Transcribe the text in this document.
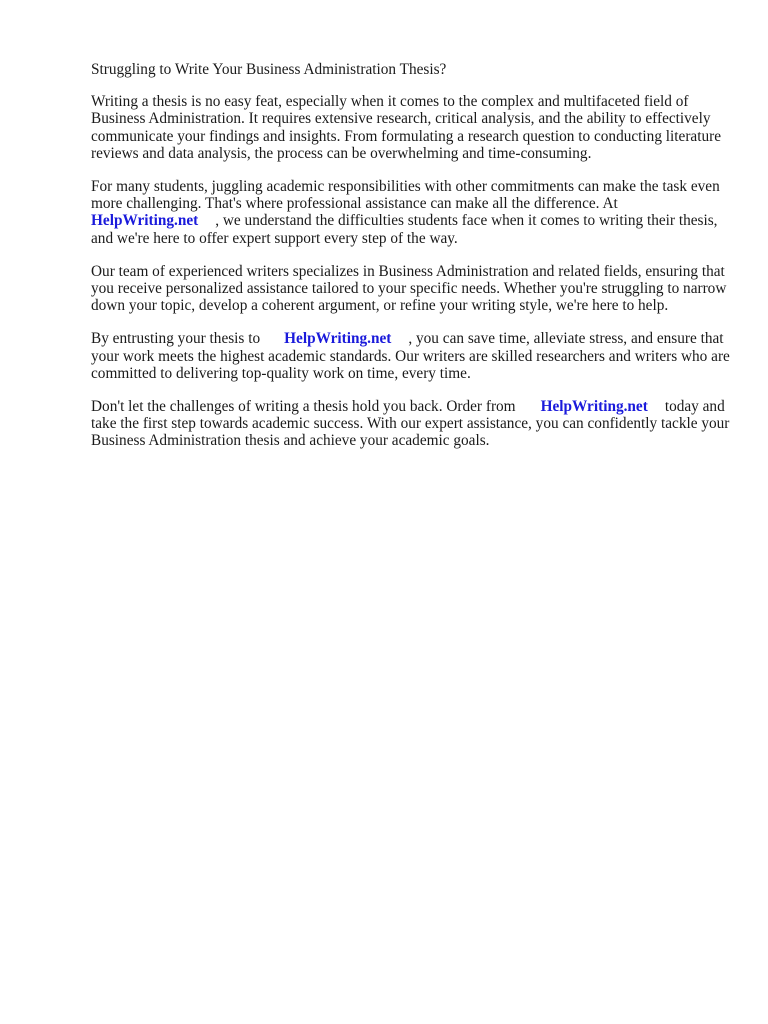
Struggling to Write Your Business Administration Thesis?

Writing a thesis is no easy feat, especially when it comes to the complex and multifaceted field of Business Administration. It requires extensive research, critical analysis, and the ability to effectively communicate your findings and insights. From formulating a research question to conducting literature reviews and data analysis, the process can be overwhelming and time-consuming.

For many students, juggling academic responsibilities with other commitments can make the task even more challenging. That's where professional assistance can make all the difference. At
HelpWriting.net , we understand the difficulties students face when it comes to writing their thesis, and we're here to offer expert support every step of the way.

Our team of experienced writers specializes in Business Administration and related fields, ensuring that you receive personalized assistance tailored to your specific needs. Whether you're struggling to narrow down your topic, develop a coherent argument, or refine your writing style, we're here to help.

By entrusting your thesis to HelpWriting.net , you can save time, alleviate stress, and ensure that your work meets the highest academic standards. Our writers are skilled researchers and writers who are committed to delivering top-quality work on time, every time.

Don't let the challenges of writing a thesis hold you back. Order from HelpWriting.net today and take the first step towards academic success. With our expert assistance, you can confidently tackle your Business Administration thesis and achieve your academic goals.
